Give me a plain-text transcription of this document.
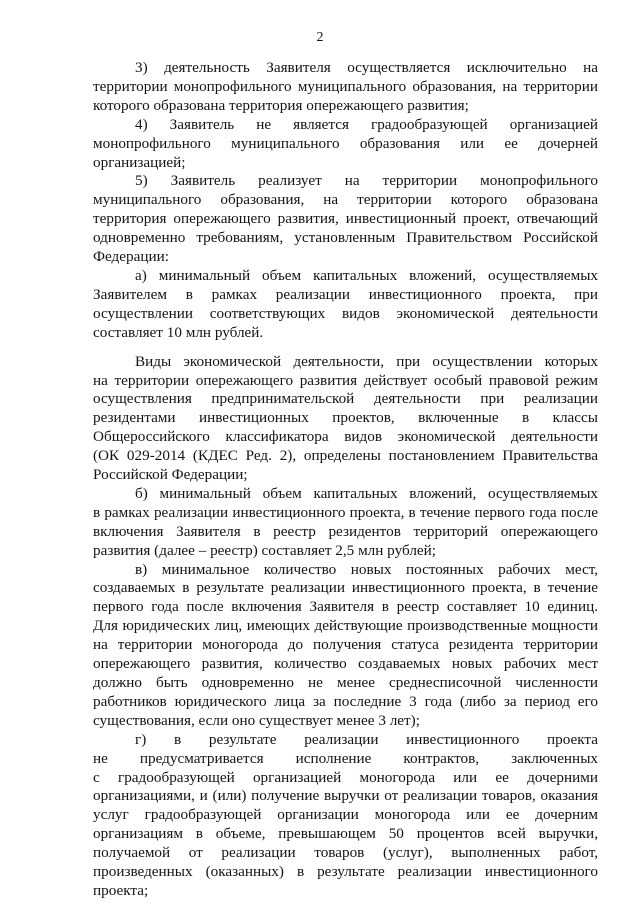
2
3) деятельность Заявителя осуществляется исключительно на
территории монопрофильного муниципального образования, на территории
которого образована территория опережающего развития;
4) Заявитель не является градообразующей организацией
монопрофильного муниципального образования или ее дочерней
организацией;
5) Заявитель реализует на территории монопрофильного
муниципального образования, на территории которого образована
территория опережающего развития, инвестиционный проект, отвечающий
одновременно требованиям, установленным Правительством Российской
Федерации:
а) минимальный объем капитальных вложений, осуществляемых
Заявителем в рамках реализации инвестиционного проекта, при
осуществлении соответствующих видов экономической деятельности
составляет 10 млн рублей.
Виды экономической деятельности, при осуществлении которых
на территории опережающего развития действует особый правовой режим
осуществления предпринимательской деятельности при реализации
резидентами инвестиционных проектов, включенные в классы
Общероссийского классификатора видов экономической деятельности
(ОК 029-2014 (КДЕС Ред. 2), определены постановлением Правительства
Российской Федерации;
б) минимальный объем капитальных вложений, осуществляемых
в рамках реализации инвестиционного проекта, в течение первого года после
включения Заявителя в реестр резидентов территорий опережающего
развития (далее – реестр) составляет 2,5 млн рублей;
в) минимальное количество новых постоянных рабочих мест,
создаваемых в результате реализации инвестиционного проекта, в течение
первого года после включения Заявителя в реестр составляет 10 единиц.
Для юридических лиц, имеющих действующие производственные мощности
на территории моногорода до получения статуса резидента территории
опережающего развития, количество создаваемых новых рабочих мест
должно быть одновременно не менее среднесписочной численности
работников юридического лица за последние 3 года (либо за период его
существования, если оно существует менее 3 лет);
г) в результате реализации инвестиционного проекта
не предусматривается исполнение контрактов, заключенных
с градообразующей организацией моногорода или ее дочерними
организациями, и (или) получение выручки от реализации товаров, оказания
услуг градообразующей организации моногорода или ее дочерним
организациям в объеме, превышающем 50 процентов всей выручки,
получаемой от реализации товаров (услуг), выполненных работ,
произведенных (оказанных) в результате реализации инвестиционного
проекта;
